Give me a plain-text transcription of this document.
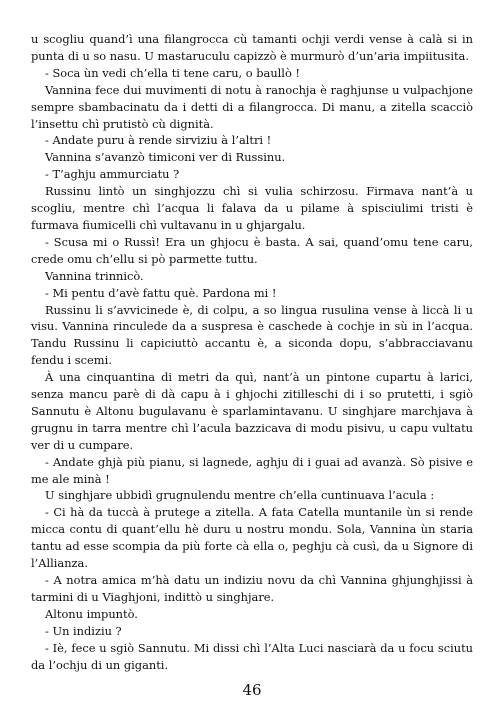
u scogliu quand’ì una filangrocca cù tamanti ochji verdi vense à calà si in punta di u so nasu. U mastaruculu capizzò è murmurò d’un’aria impiitusita.

- Soca ùn vedi ch’ella ti tene caru, o baullò !

Vannina fece dui muvimenti di notu à ranochja è raghjunse u vulpachjone sempre sbambacinatu da i detti di a filangrocca. Di manu, a zitella scacciò l’insettu chì prutistò cù dignità.

- Andate puru à rende sirviziu à l’altri !

Vannina s’avanzò timiconi ver di Russinu.

- T’aghju ammurciatu ?

Russinu lintò un singhjozzu chì si vulia schirzosu. Firmava nant’à u scogliu, mentre chì l’acqua li falava da u pilame à spisciulimi tristi è furmava fiumicelli chì vultavanu in u ghjargalu.

- Scusa mi o Russì! Era un ghjocu è basta. A sai, quand’omu tene caru, crede omu ch’ellu si pò parmette tuttu.

Vannina trinnicò.

- Mi pentu d’avè fattu què. Pardona mi !

Russinu li s’avvicinede è, di colpu, a so lingua rusulina vense à liccà li u visu. Vannina rinculede da a suspresa è caschede à cochje in sù in l’acqua. Tandu Russinu li capiciuttò accantu è, a siconda dopu, s’abbracciavanu fendu i scemi.

À una cinquantina di metri da quì, nant’à un pintone cupartu à larici, senza mancu parè di dà capu à i ghjochi zitilleschi di i so prutetti, i sgiò Sannutu è Altonu bugulavanu è sparlamintavanu. U singhjare marchjava à grugnu in tarra mentre chì l’acula bazzicava di modu pisivu, u capu vultatu ver di u cumpare.

- Andate ghjà più pianu, si lagnede, aghju di i guai ad avanzà. Sò pisive e me ale minà !

U singhjare ubbidì grugnulendu mentre ch’ella cuntinuava l’acula :

- Ci hà da tuccà à prutege a zitella. A fata Catella muntanile ùn si rende micca contu di quant’ellu hè duru u nostru mondu. Sola, Vannina ùn staria tantu ad esse scompia da più forte cà ella o, peghju cà cusì, da u Signore di l’Allianza.

- A notra amica m’hà datu un indiziu novu da chì Vannina ghjunghjissi à tarmini di u Viaghjoni, indittò u singhjare.

Altonu impuntò.

- Un indiziu ?

- Iè, fece u sgiò Sannutu. Mi dissi chì l’Alta Luci nasciarà da u focu sciutu da l’ochju di un giganti.

46
